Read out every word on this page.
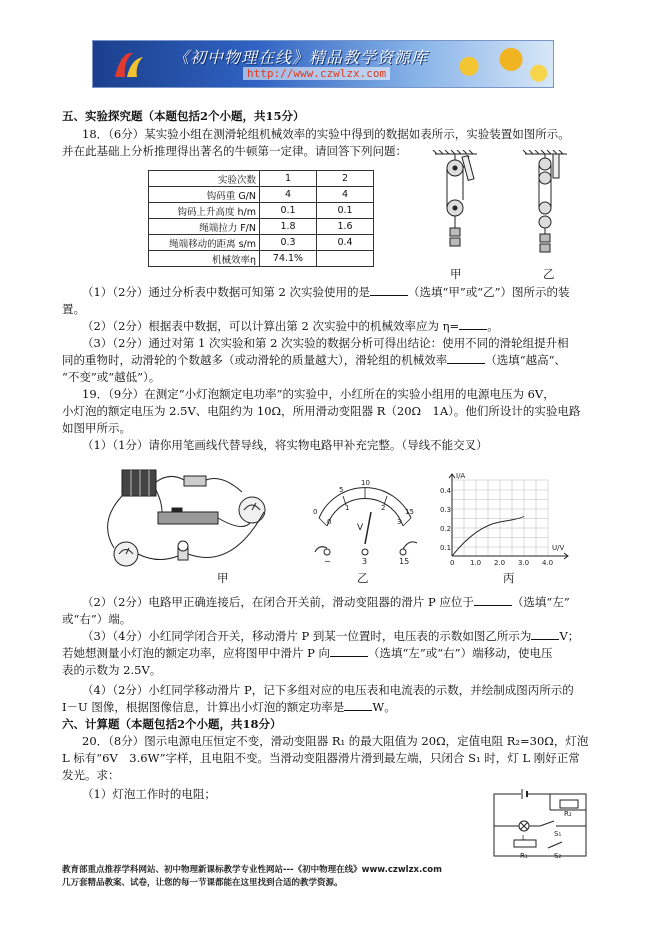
《初中物理在线》精品教学资源库
http://www.czwlzx.com
五、实验探究题（本题包括2个小题，共15分）
18．（6分）某实验小组在测滑轮组机械效率的实验中得到的数据如表所示，实验装置如图所示。
并在此基础上分析推理得出著名的牛顿第一定律。请回答下列问题：
实验次数	1	2
钩码重 G/N	4	4
钩码上升高度 h/m	0.1	0.1
绳端拉力 F/N	1.8	1.6
绳端移动的距离 s/m	0.3	0.4
机械效率η	74.1%	
甲	乙
（1）（2分）通过分析表中数据可知第 2 次实验使用的是	（选填“甲”或“乙”）图所示的装
置。
（2）（2分）根据表中数据，可以计算出第 2 次实验中的机械效率应为 η= 。
（3）（2分）通过对第 1 次实验和第 2 次实验的数据分析可得出结论：使用不同的滑轮组提升相
同的重物时，动滑轮的个数越多（或动滑轮的质量越大），滑轮组的机械效率	（选填“越高”、
“不变”或“越低”）。
19．（9分）在测定“小灯泡额定电功率”的实验中，小红所在的实验小组用的电源电压为 6V，
小灯泡的额定电压为 2.5V、电阻约为 10Ω，所用滑动变阻器 R（20Ω　1A）。他们所设计的实验电路
如图甲所示。
（1）（1分）请你用笔画线代替导线，将实物电路甲补充完整。（导线不能交叉）
甲
0
5
10
15
0
1	2
3
V
−	3	15
乙
I/A
U/V
0.4
0.3
0.2
0.1
0 1.0 2.0 3.0 4.0
丙
（2）（2分）电路甲正确连接后，在闭合开关前，滑动变阻器的滑片 P 应位于	（选填“左”
或“右”）端。
（3）（4分）小红同学闭合开关，移动滑片 P 到某一位置时，电压表的示数如图乙所示为 V；
若她想测量小灯泡的额定功率，应将图甲中滑片 P 向	（选填“左”或“右”）端移动，使电压
表的示数为 2.5V。
（4）（2分）小红同学移动滑片 P，记下多组对应的电压表和电流表的示数，并绘制成图丙所示的
I－U 图像，根据图像信息，计算出小灯泡的额定功率是 W。
六、计算题（本题包括2个小题，共18分）
20．（8分）图示电源电压恒定不变，滑动变阻器 R₁ 的最大阻值为 20Ω，定值电阻 R₂=30Ω，灯泡
L 标有“6V　3.6W”字样，且电阻不变。当滑动变阻器滑片滑到最左端，只闭合 S₁ 时，灯 L 刚好正常
发光。求：
（1）灯泡工作时的电阻；
R₂
S₁
L
R₁	S₂
教育部重点推荐学科网站、初中物理新课标教学专业性网站---《初中物理在线》www.czwlzx.com
几万套精品教案、试卷，让您的每一节课都能在这里找到合适的教学资源。
